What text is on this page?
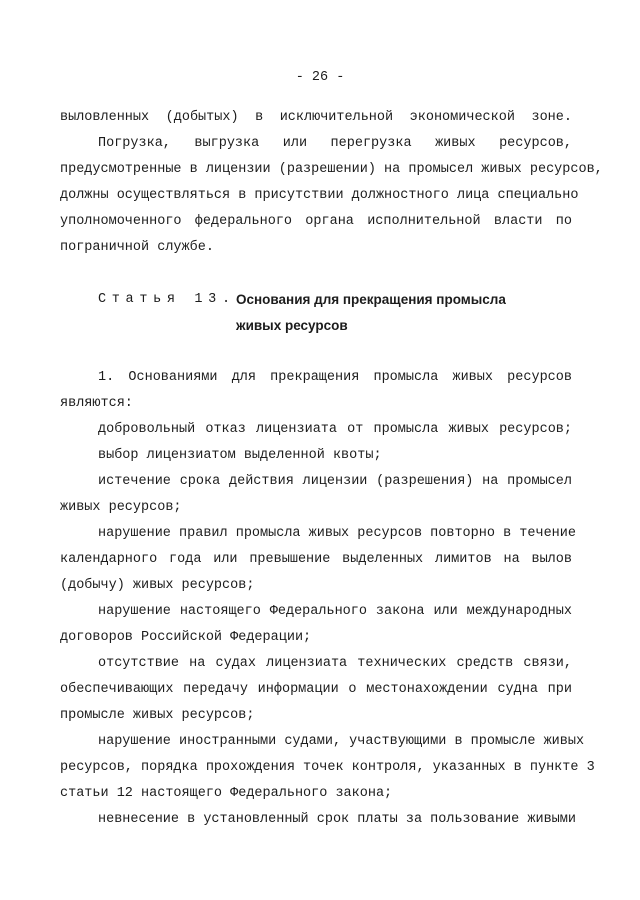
- 26 -
выловленных (добытых) в исключительной экономической зоне.
Погрузка, выгрузка или перегрузка живых ресурсов,
предусмотренные в лицензии (разрешении) на промысел живых ресурсов,
должны осуществляться в присутствии должностного лица специально
уполномоченного федерального органа исполнительной власти по
пограничной службе.
Статья 13. Основания для прекращения промысла
живых ресурсов
1. Основаниями для прекращения промысла живых ресурсов
являются:
добровольный отказ лицензиата от промысла живых ресурсов;
выбор лицензиатом выделенной квоты;
истечение срока действия лицензии (разрешения) на промысел
живых ресурсов;
нарушение правил промысла живых ресурсов повторно в течение
календарного года или превышение выделенных лимитов на вылов
(добычу) живых ресурсов;
нарушение настоящего Федерального закона или международных
договоров Российской Федерации;
отсутствие на судах лицензиата технических средств связи,
обеспечивающих передачу информации о местонахождении судна при
промысле живых ресурсов;
нарушение иностранными судами, участвующими в промысле живых
ресурсов, порядка прохождения точек контроля, указанных в пункте 3
статьи 12 настоящего Федерального закона;
невнесение в установленный срок платы за пользование живыми
